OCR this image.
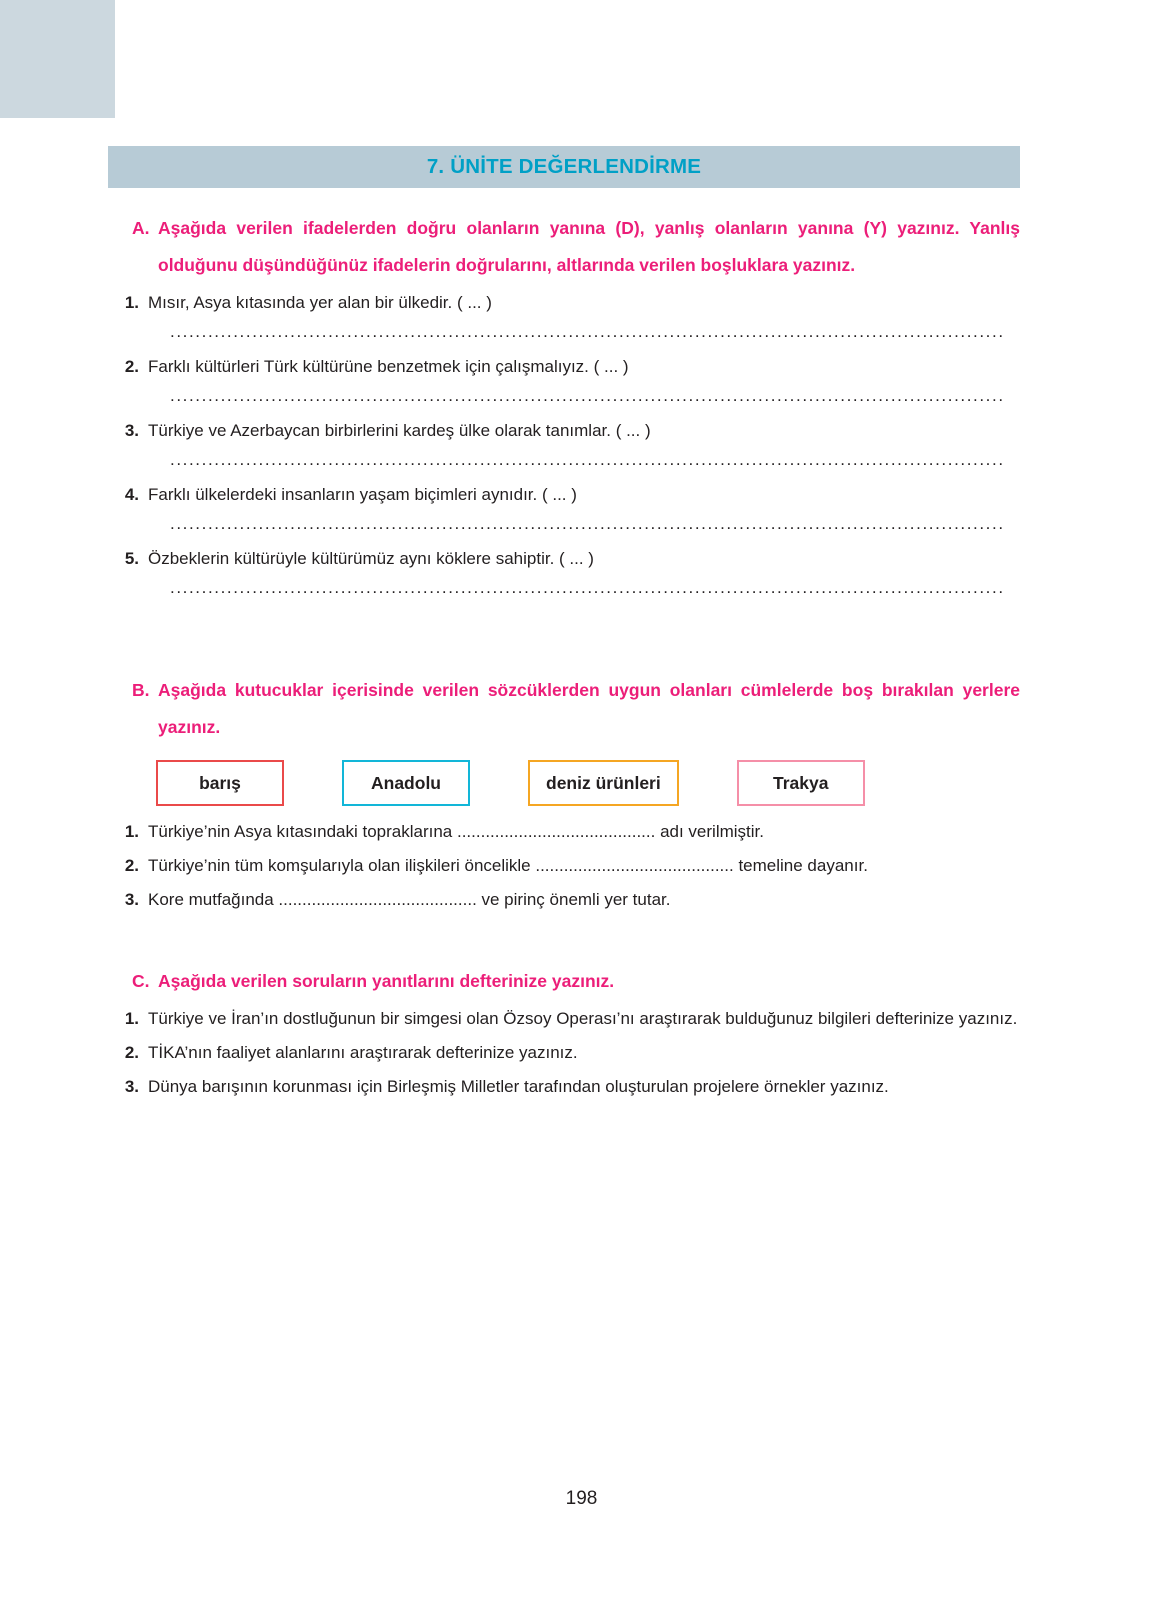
7. ÜNİTE DEĞERLENDİRME
A. Aşağıda verilen ifadelerden doğru olanların yanına (D), yanlış olanların yanına (Y) yazınız. Yanlış olduğunu düşündüğünüz ifadelerin doğrularını, altlarında verilen boşluklara yazınız.
1. Mısır, Asya kıtasında yer alan bir ülkedir. ( ... )
....................................................................................................................................
2. Farklı kültürleri Türk kültürüne benzetmek için çalışmalıyız. ( ... )
....................................................................................................................................
3. Türkiye ve Azerbaycan birbirlerini kardeş ülke olarak tanımlar. ( ... )
....................................................................................................................................
4. Farklı ülkelerdeki insanların yaşam biçimleri aynıdır. ( ... )
....................................................................................................................................
5. Özbeklerin kültürüyle kültürümüz aynı köklere sahiptir. ( ... )
....................................................................................................................................
B. Aşağıda kutucuklar içerisinde verilen sözcüklerden uygun olanları cümlelerde boş bırakılan yerlere yazınız.
barış	Anadolu	deniz ürünleri	Trakya
1. Türkiye’nin Asya kıtasındaki topraklarına .......................................... adı verilmiştir.
2. Türkiye’nin tüm komşularıyla olan ilişkileri öncelikle .......................................... temeline dayanır.
3. Kore mutfağında .......................................... ve pirinç önemli yer tutar.
C. Aşağıda verilen soruların yanıtlarını defterinize yazınız.
1. Türkiye ve İran’ın dostluğunun bir simgesi olan Özsoy Operası’nı araştırarak bulduğunuz bilgileri defterinize yazınız.
2. TİKA’nın faaliyet alanlarını araştırarak defterinize yazınız.
3. Dünya barışının korunması için Birleşmiş Milletler tarafından oluşturulan projelere örnekler yazınız.
198
